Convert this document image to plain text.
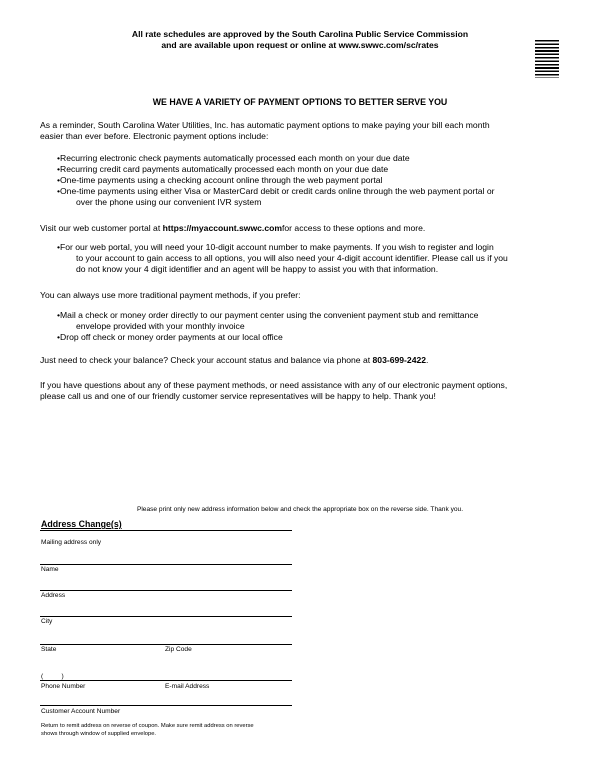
All rate schedules are approved by the South Carolina Public Service Commission
and are available upon request or online at www.swwc.com/sc/rates
WE HAVE A VARIETY OF PAYMENT OPTIONS TO BETTER SERVE YOU
As a reminder, South Carolina Water Utilities, Inc. has automatic payment options to make paying your bill each month
easier than ever before. Electronic payment options include:
• Recurring electronic check payments automatically processed each month on your due date
• Recurring credit card payments automatically processed each month on your due date
• One-time payments using a checking account online through the web payment portal
• One-time payments using either Visa or MasterCard debit or credit cards online through the web payment portal or
over the phone using our convenient IVR system
Visit our web customer portal at https://myaccount.swwc.comfor access to these options and more.
• For our web portal, you will need your 10-digit account number to make payments. If you wish to register and login
to your account to gain access to all options, you will also need your 4-digit account identifier. Please call us if you
do not know your 4 digit identifier and an agent will be happy to assist you with that information.
You can always use more traditional payment methods, if you prefer:
• Mail a check or money order directly to our payment center using the convenient payment stub and remittance
envelope provided with your monthly invoice
• Drop off check or money order payments at our local office
Just need to check your balance? Check your account status and balance via phone at 803-699-2422.
If you have questions about any of these payment methods, or need assistance with any of our electronic payment options,
please call us and one of our friendly customer service representatives will be happy to help. Thank you!
Please print only new address information below and check the appropriate box on the reverse side. Thank you.
Address Change(s)
Mailing address only
Name
Address
City
State	Zip Code
(          )
Phone Number	E-mail Address
Customer Account Number
Return to remit address on reverse of coupon. Make sure remit address on reverse
shows through window of supplied envelope.
